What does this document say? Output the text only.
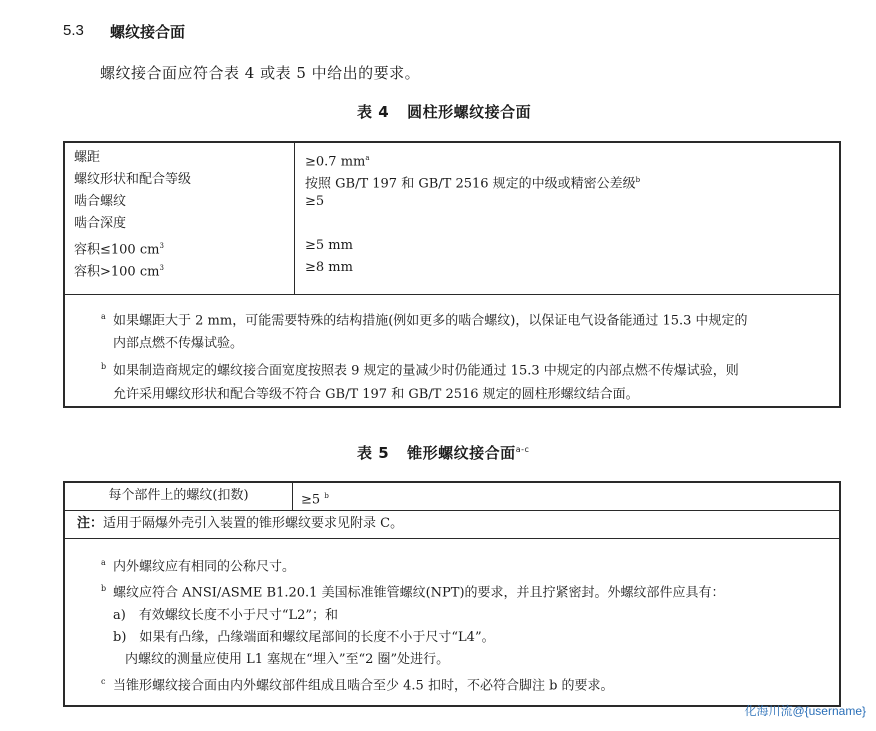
5.3 螺纹接合面
螺纹接合面应符合表 4 或表 5 中给出的要求。
表 4 圆柱形螺纹接合面
螺距
螺纹形状和配合等级
啮合螺纹
啮合深度
容积≤100 $cm^3$
容积>100 $cm^3$
≥0.7 $mm^a$
按照 GB/T 197 和 GB/T 2516 规定的中级或精密公差级$^b$
≥5
≥5 mm
≥8 mm
a 如果螺距大于 2 mm，可能需要特殊的结构措施(例如更多的啮合螺纹)，以保证电气设备能通过 15.3 中规定的
内部点燃不传爆试验。
b 如果制造商规定的螺纹接合面宽度按照表 9 规定的量减少时仍能通过 15.3 中规定的内部点燃不传爆试验，则
允许采用螺纹形状和配合等级不符合 GB/T 197 和 GB/T 2516 规定的圆柱形螺纹结合面。
表 5 锥形螺纹接合面$^{a-c}$
每个部件上的螺纹(扣数)	≥5 $^b$
注：适用于隔爆外壳引入装置的锥形螺纹要求见附录 C。
a 内外螺纹应有相同的公称尺寸。
b 螺纹应符合 ANSI/ASME B1.20.1 美国标准锥管螺纹(NPT)的要求，并且拧紧密封。外螺纹部件应具有：
a)　有效螺纹长度不小于尺寸“L2”；和
b)　如果有凸缘，凸缘端面和螺纹尾部间的长度不小于尺寸“L4”。
内螺纹的测量应使用 L1 塞规在“埋入”至“2 圈”处进行。
c 当锥形螺纹接合面由内外螺纹部件组成且啮合至少 4.5 扣时，不必符合脚注 b 的要求。
化海川流@{username}
